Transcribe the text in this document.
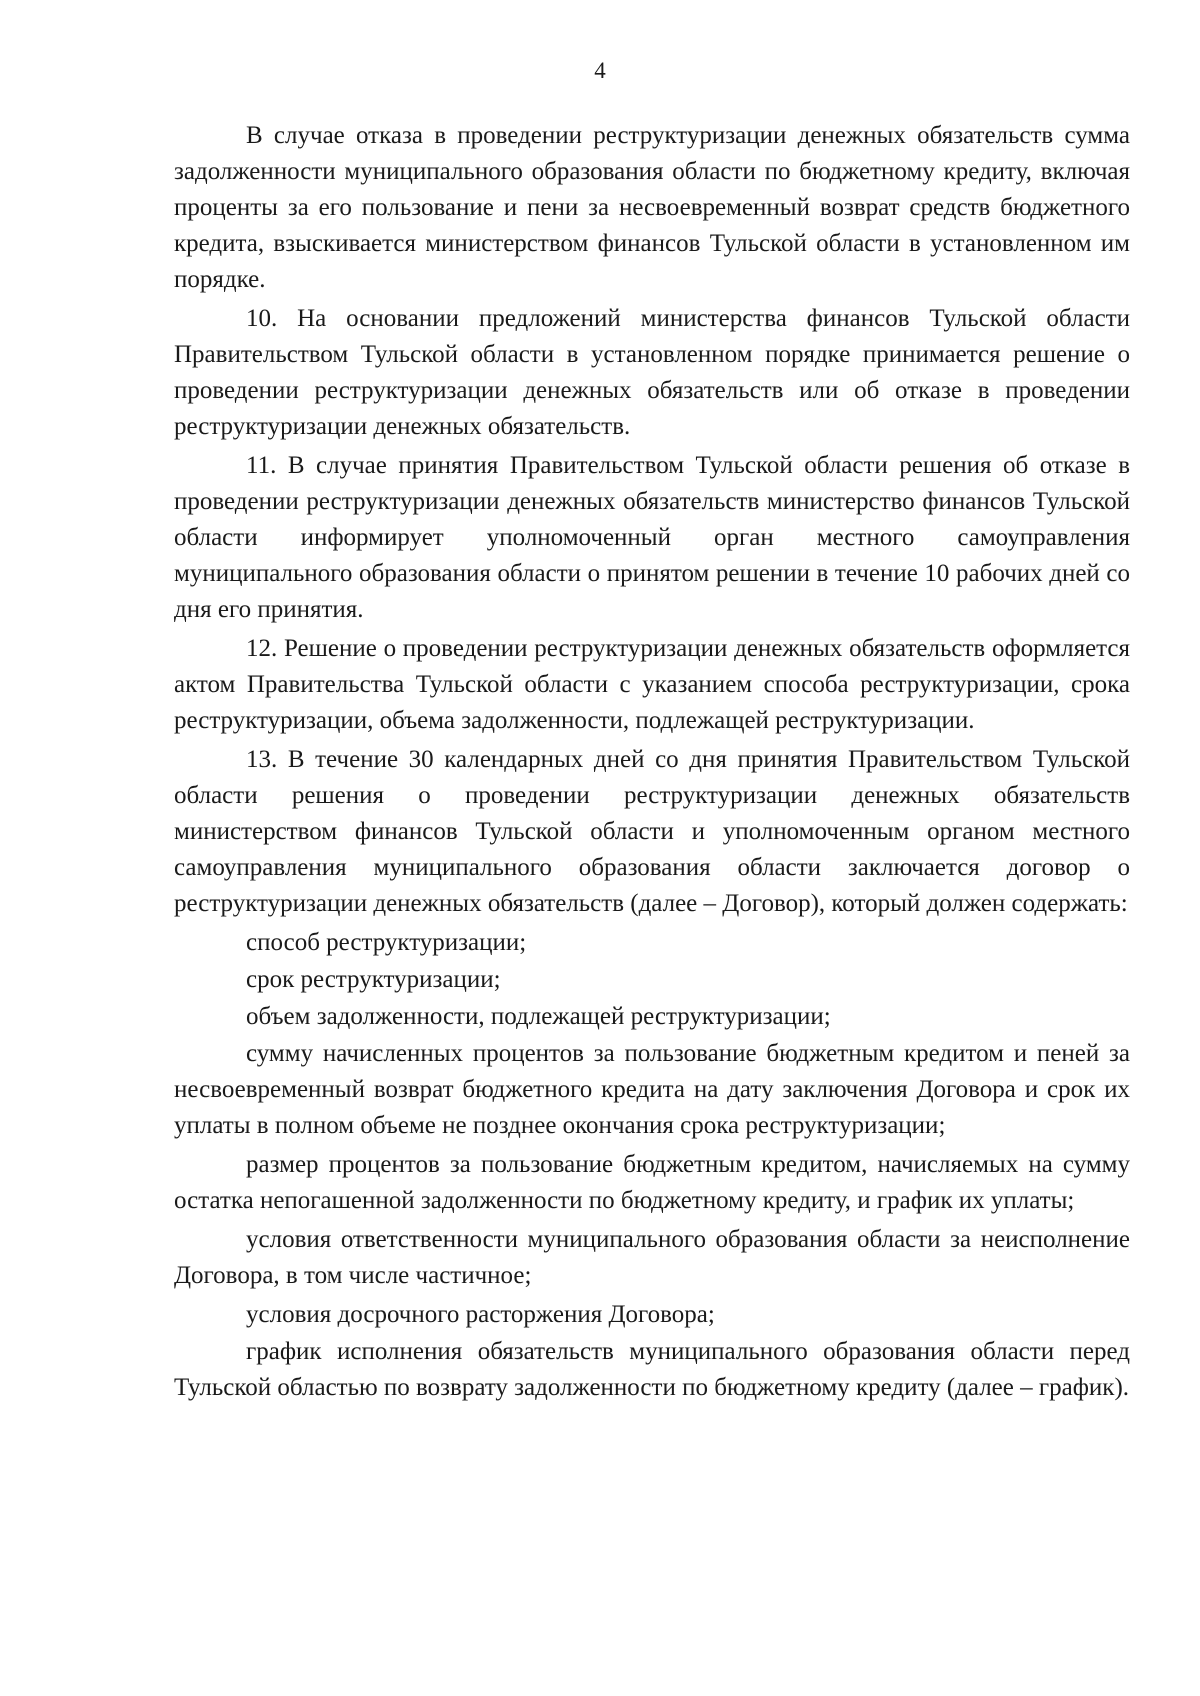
4

В случае отказа в проведении реструктуризации денежных обязательств сумма задолженности муниципального образования области по бюджетному кредиту, включая проценты за его пользование и пени за несвоевременный возврат средств бюджетного кредита, взыскивается министерством финансов Тульской области в установленном им порядке.

10. На основании предложений министерства финансов Тульской области Правительством Тульской области в установленном порядке принимается решение о проведении реструктуризации денежных обязательств или об отказе в проведении реструктуризации денежных обязательств.

11. В случае принятия Правительством Тульской области решения об отказе в проведении реструктуризации денежных обязательств министерство финансов Тульской области информирует уполномоченный орган местного самоуправления муниципального образования области о принятом решении в течение 10 рабочих дней со дня его принятия.

12. Решение о проведении реструктуризации денежных обязательств оформляется актом Правительства Тульской области с указанием способа реструктуризации, срока реструктуризации, объема задолженности, подлежащей реструктуризации.

13. В течение 30 календарных дней со дня принятия Правительством Тульской области решения о проведении реструктуризации денежных обязательств министерством финансов Тульской области и уполномоченным органом местного самоуправления муниципального образования области заключается договор о реструктуризации денежных обязательств (далее – Договор), который должен содержать:

способ реструктуризации;

срок реструктуризации;

объем задолженности, подлежащей реструктуризации;

сумму начисленных процентов за пользование бюджетным кредитом и пеней за несвоевременный возврат бюджетного кредита на дату заключения Договора и срок их уплаты в полном объеме не позднее окончания срока реструктуризации;

размер процентов за пользование бюджетным кредитом, начисляемых на сумму остатка непогашенной задолженности по бюджетному кредиту, и график их уплаты;

условия ответственности муниципального образования области за неисполнение Договора, в том числе частичное;

условия досрочного расторжения Договора;

график исполнения обязательств муниципального образования области перед Тульской областью по возврату задолженности по бюджетному кредиту (далее – график).
